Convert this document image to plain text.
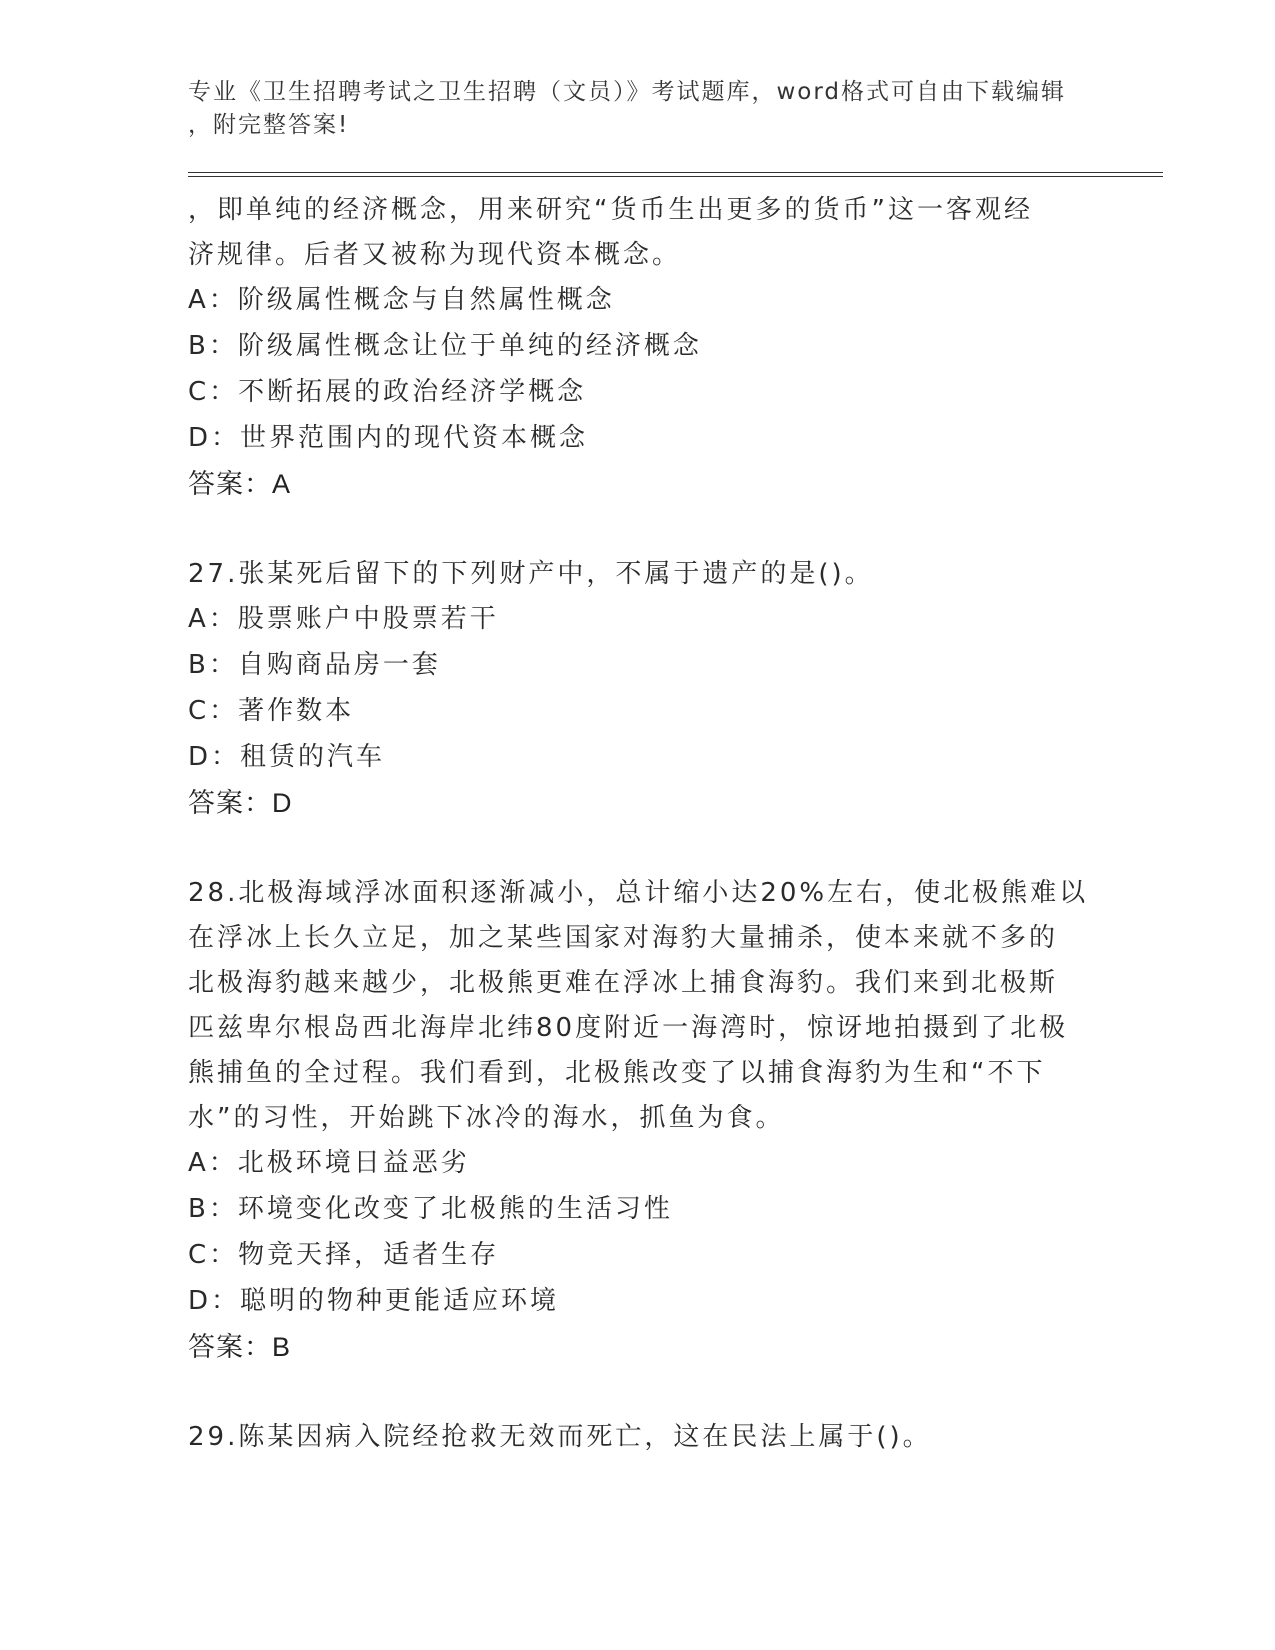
专业《卫生招聘考试之卫生招聘（文员）》考试题库，word格式可自由下载编辑
，附完整答案!
，即单纯的经济概念，用来研究“货币生出更多的货币”这一客观经
济规律。后者又被称为现代资本概念。
A：阶级属性概念与自然属性概念
B：阶级属性概念让位于单纯的经济概念
C：不断拓展的政治经济学概念
D：世界范围内的现代资本概念
答案：A
27.张某死后留下的下列财产中，不属于遗产的是()。
A：股票账户中股票若干
B：自购商品房一套
C：著作数本
D：租赁的汽车
答案：D
28.北极海域浮冰面积逐渐减小，总计缩小达20%左右，使北极熊难以
在浮冰上长久立足，加之某些国家对海豹大量捕杀，使本来就不多的
北极海豹越来越少，北极熊更难在浮冰上捕食海豹。我们来到北极斯
匹兹卑尔根岛西北海岸北纬80度附近一海湾时，惊讶地拍摄到了北极
熊捕鱼的全过程。我们看到，北极熊改变了以捕食海豹为生和“不下
水”的习性，开始跳下冰冷的海水，抓鱼为食。
A：北极环境日益恶劣
B：环境变化改变了北极熊的生活习性
C：物竞天择，适者生存
D：聪明的物种更能适应环境
答案：B
29.陈某因病入院经抢救无效而死亡，这在民法上属于()。
